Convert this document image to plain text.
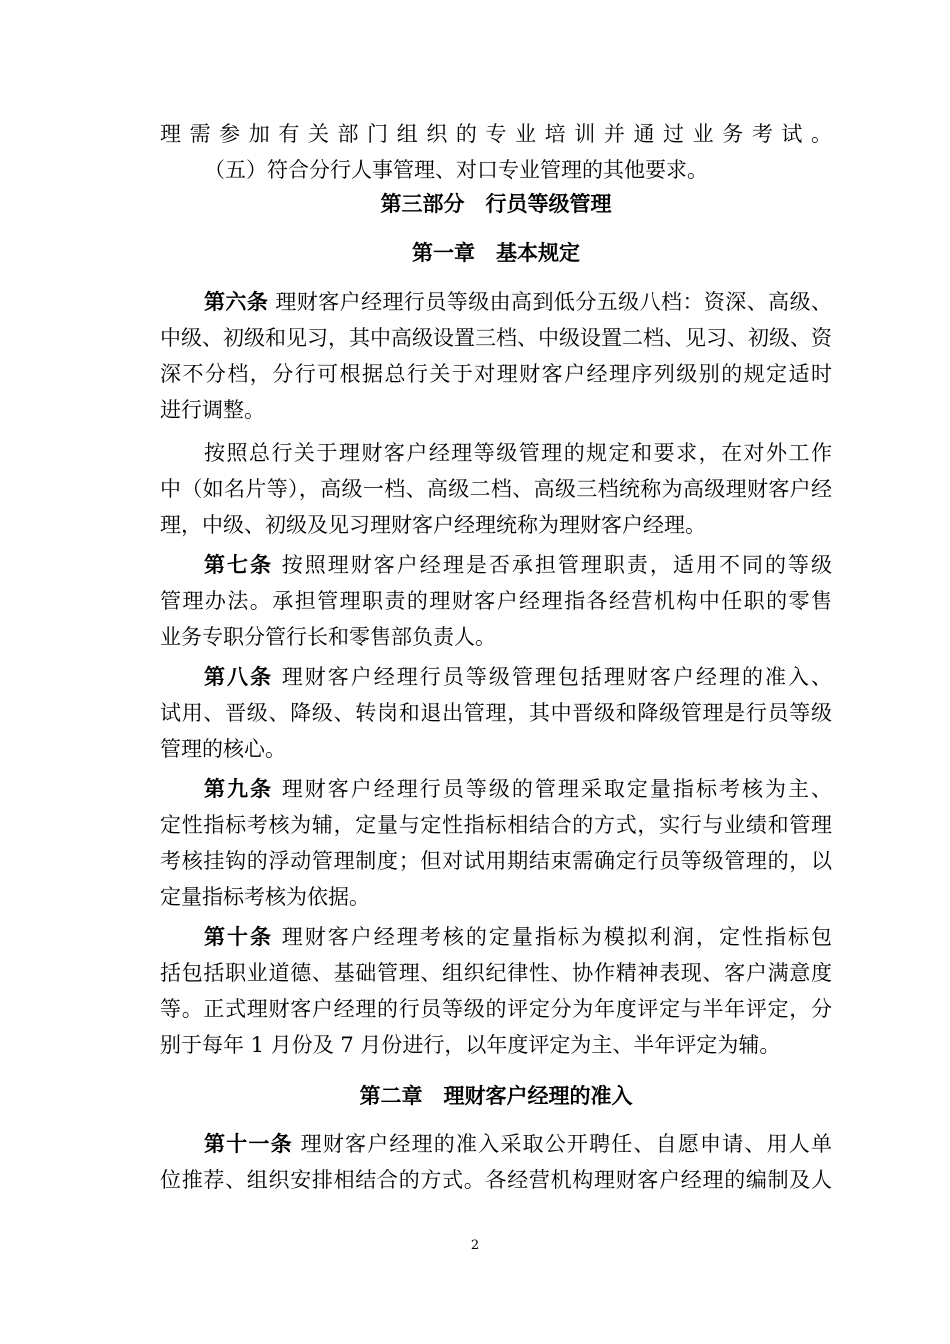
理需参加有关部门组织的专业培训并通过业务考试。
（五）符合分行人事管理、对口专业管理的其他要求。
第三部分　行员等级管理
第一章　基本规定
第六条 理财客户经理行员等级由高到低分五级八档：资深、高级、
中级、初级和见习，其中高级设置三档、中级设置二档、见习、初级、资
深不分档，分行可根据总行关于对理财客户经理序列级别的规定适时
进行调整。
按照总行关于理财客户经理等级管理的规定和要求，在对外工作
中（如名片等），高级一档、高级二档、高级三档统称为高级理财客户经
理，中级、初级及见习理财客户经理统称为理财客户经理。
第七条 按照理财客户经理是否承担管理职责，适用不同的等级
管理办法。承担管理职责的理财客户经理指各经营机构中任职的零售
业务专职分管行长和零售部负责人。
第八条 理财客户经理行员等级管理包括理财客户经理的准入、
试用、晋级、降级、转岗和退出管理，其中晋级和降级管理是行员等级
管理的核心。
第九条 理财客户经理行员等级的管理采取定量指标考核为主、
定性指标考核为辅，定量与定性指标相结合的方式，实行与业绩和管理
考核挂钩的浮动管理制度；但对试用期结束需确定行员等级管理的，以
定量指标考核为依据。
第十条 理财客户经理考核的定量指标为模拟利润，定性指标包
括包括职业道德、基础管理、组织纪律性、协作精神表现、客户满意度
等。正式理财客户经理的行员等级的评定分为年度评定与半年评定，分
别于每年 1 月份及 7 月份进行，以年度评定为主、半年评定为辅。
第二章　理财客户经理的准入
第十一条 理财客户经理的准入采取公开聘任、自愿申请、用人单
位推荐、组织安排相结合的方式。各经营机构理财客户经理的编制及人
2
